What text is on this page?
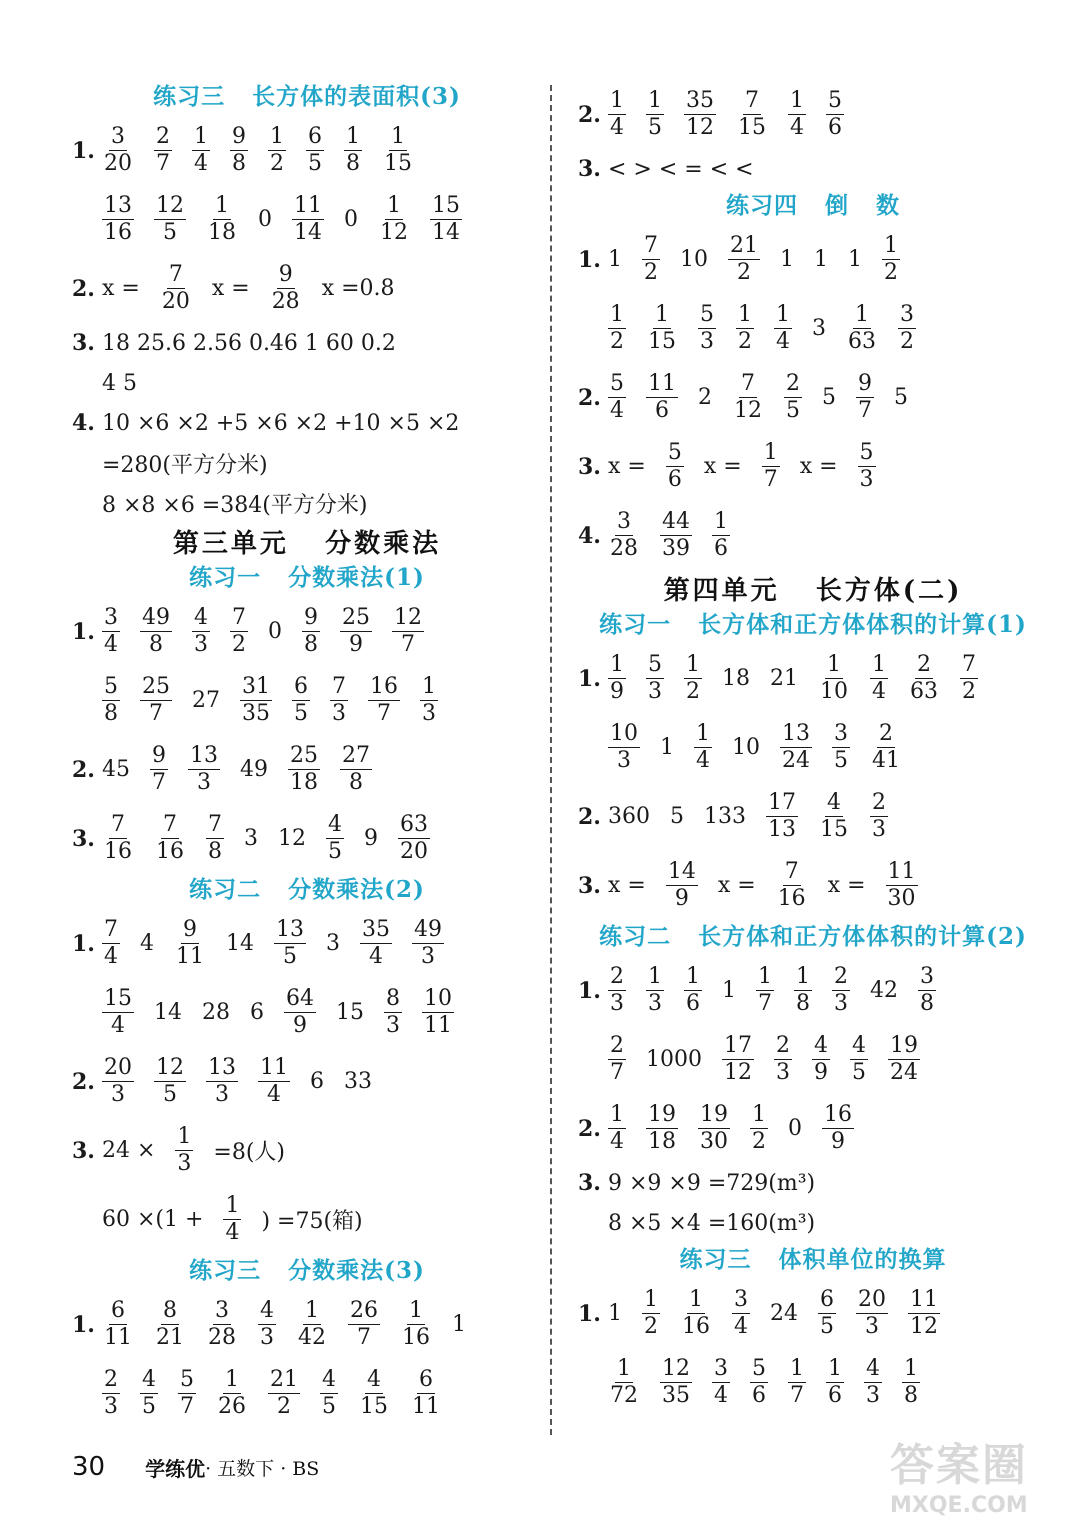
练习三   长方体的表面积(3)
1. $\frac{3}{20} \frac{2}{7} \frac{1}{4} \frac{9}{8} \frac{1}{2} \frac{6}{5} \frac{1}{8} \frac{1}{15}$
$\frac{13}{16} \frac{12}{5} \frac{1}{18} 0 \frac{11}{14} 0 \frac{1}{12} \frac{15}{14}$
2. $x = \frac{7}{20}$ $x = \frac{9}{28}$ x =0.8
3. 18 25.6 2.56 0.46 1 60 0.2
4 5
4. 10 ×6 ×2 +5 ×6 ×2 +10 ×5 ×2
=280(平方分米)
8 ×8 ×6 =384(平方分米)
第三单元   分数乘法
练习一   分数乘法(1)
1. $\frac{3}{4} \frac{49}{8} \frac{4}{3} \frac{7}{2} 0 \frac{9}{8} \frac{25}{9} \frac{12}{7}$
$\frac{5}{8} \frac{25}{7} 27 \frac{31}{35} \frac{6}{5} \frac{7}{3} \frac{16}{7} \frac{1}{3}$
2. $45 \frac{9}{7} \frac{13}{3} 49 \frac{25}{18} \frac{27}{8}$
3. $\frac{7}{16} \frac{7}{16} \frac{7}{8} 3$ $12 \frac{4}{5} 9 \frac{63}{20}$
练习二   分数乘法(2)
1. $\frac{7}{4} 4 \frac{9}{11} 14 \frac{13}{5} 3 \frac{35}{4} \frac{49}{3}$
$\frac{15}{4} 14$ 28 $6 \frac{64}{9} 15 \frac{8}{3} \frac{10}{11}$
2. $\frac{20}{3} \frac{12}{5} \frac{13}{3} \frac{11}{4} 6$ 33
3. $24 \times \frac{1}{3} =8$(人)
$60 \times(1 + \frac{1}{4}$ ) =75(箱)
练习三   分数乘法(3)
1. $\frac{6}{11} \frac{8}{21} \frac{3}{28} \frac{4}{3} \frac{1}{42} \frac{26}{7} \frac{1}{16} 1$
$\frac{2}{3} \frac{4}{5} \frac{5}{7} \frac{1}{26} \frac{21}{2} \frac{4}{5} \frac{4}{15} \frac{6}{11}$
2. $\frac{1}{4} \frac{1}{5} \frac{35}{12} \frac{7}{15} \frac{1}{4} \frac{5}{6}$
3. < > < = < <
练习四   倒   数
1. $1 \frac{7}{2} 10 \frac{21}{2} 1$ 1 $1 \frac{1}{2}$
$\frac{1}{2} \frac{1}{15} \frac{5}{3} \frac{1}{2} \frac{1}{4} 3 \frac{1}{63} \frac{3}{2}$
2. $\frac{5}{4} \frac{11}{6} 2 \frac{7}{12} \frac{2}{5} 5 \frac{9}{7} 5$
3. $x = \frac{5}{6}$ $x = \frac{1}{7}$ $x = \frac{5}{3}$
4. $\frac{3}{28} \frac{44}{39} \frac{1}{6}$
第四单元   长方体(二)
练习一   长方体和正方体体积的计算(1)
1. $\frac{1}{9} \frac{5}{3} \frac{1}{2} 18$ $21 \frac{1}{10} \frac{1}{4} \frac{2}{63} \frac{7}{2}$
$\frac{10}{3} 1 \frac{1}{4} 10 \frac{13}{24} \frac{3}{5} \frac{2}{41}$
2. 360 5 $133 \frac{17}{13} \frac{4}{15} \frac{2}{3}$
3. $x = \frac{14}{9}$ $x = \frac{7}{16}$ $x = \frac{11}{30}$
练习二   长方体和正方体体积的计算(2)
1. $\frac{2}{3} \frac{1}{3} \frac{1}{6} 1 \frac{1}{7} \frac{1}{8} \frac{2}{3} 42 \frac{3}{8}$
$\frac{2}{7} 1000 \frac{17}{12} \frac{2}{3} \frac{4}{9} \frac{4}{5} \frac{19}{24}$
2. $\frac{1}{4} \frac{19}{18} \frac{19}{30} \frac{1}{2} 0 \frac{16}{9}$
3. 9 ×9 ×9 =729(m³)
8 ×5 ×4 =160(m³)
练习三   体积单位的换算
1. $1 \frac{1}{2} \frac{1}{16} \frac{3}{4} 24 \frac{6}{5} \frac{20}{3} \frac{11}{12}$
$\frac{1}{72} \frac{12}{35} \frac{3}{4} \frac{5}{6} \frac{1}{7} \frac{1}{6} \frac{4}{3} \frac{1}{8}$
30 学练优 · 五数下 · BS	答案圈
MXQE.COM
